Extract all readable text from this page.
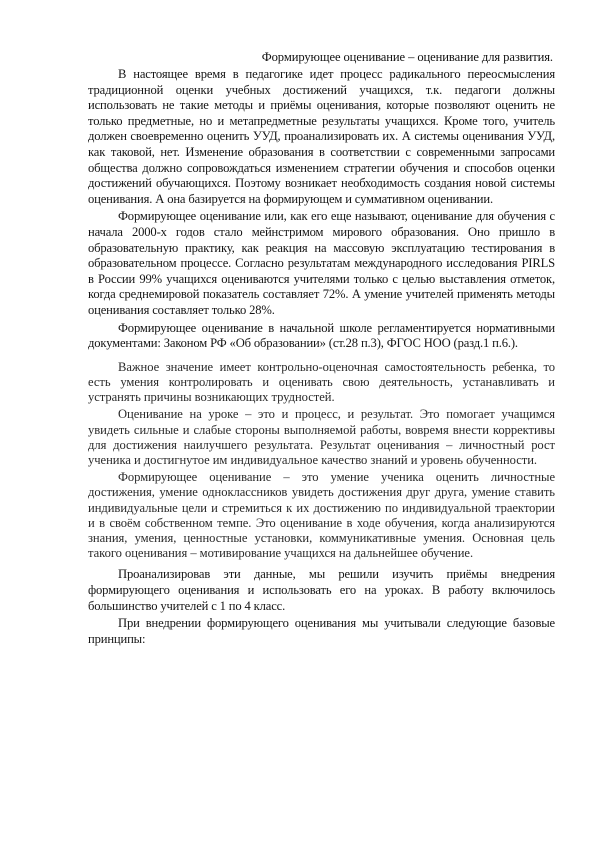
Формирующее оценивание – оценивание для развития.

В настоящее время в педагогике идет процесс радикального переосмысления традиционной оценки учебных достижений учащихся, т.к. педагоги должны использовать не такие методы и приёмы оценивания, которые позволяют оценить не только предметные, но и метапредметные результаты учащихся. Кроме того, учитель должен своевременно оценить УУД, проанализировать их. А системы оценивания УУД, как таковой, нет. Изменение образования в соответствии с современными запросами общества должно сопровождаться изменением стратегии обучения и способов оценки достижений обучающихся. Поэтому возникает необходимость создания новой системы оценивания. А она базируется на формирующем и суммативном оценивании.

Формирующее оценивание или, как его еще называют, оценивание для обучения с начала 2000-х годов стало мейнстримом мирового образования. Оно пришло в образовательную практику, как реакция на массовую эксплуатацию тестирования в образовательном процессе. Согласно результатам международного исследования PIRLS в России 99% учащихся оцениваются учителями только с целью выставления отметок, когда среднемировой показатель составляет 72%. А умение учителей применять методы оценивания составляет только 28%.

Формирующее оценивание в начальной школе регламентируется нормативными документами: Законом РФ «Об образовании» (ст.28 п.3), ФГОС НОО (разд.1 п.6.).

Важное значение имеет контрольно-оценочная самостоятельность ребенка, то есть умения контролировать и оценивать свою деятельность, устанавливать и устранять причины возникающих трудностей.

Оценивание на уроке – это и процесс, и результат. Это помогает учащимся увидеть сильные и слабые стороны выполняемой работы, вовремя внести коррективы для достижения наилучшего результата. Результат оценивания – личностный рост ученика и достигнутое им индивидуальное качество знаний и уровень обученности.

Формирующее оценивание – это умение ученика оценить личностные достижения, умение одноклассников увидеть достижения друг друга, умение ставить индивидуальные цели и стремиться к их достижению по индивидуальной траектории и в своём собственном темпе. Это оценивание в ходе обучения, когда анализируются знания, умения, ценностные установки, коммуникативные умения. Основная цель такого оценивания – мотивирование учащихся на дальнейшее обучение.

Проанализировав эти данные, мы решили изучить приёмы внедрения формирующего оценивания и использовать его на уроках. В работу включилось большинство учителей с 1 по 4 класс.

При внедрении формирующего оценивания мы учитывали следующие базовые принципы:
